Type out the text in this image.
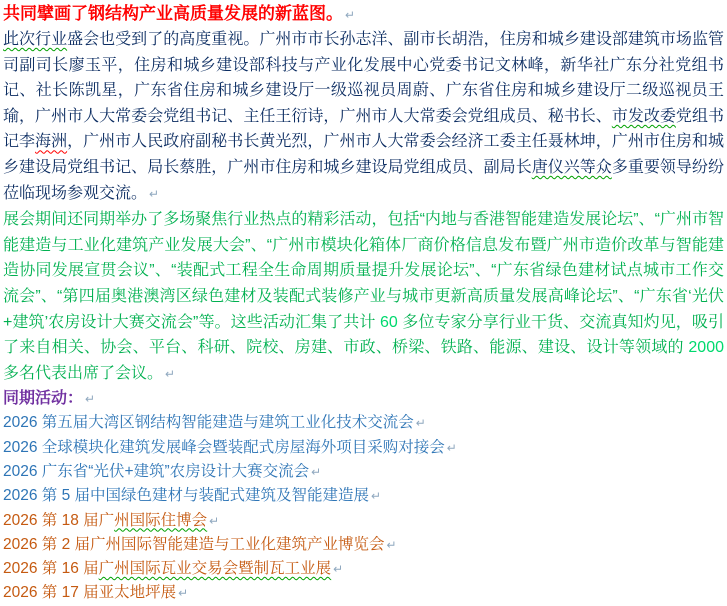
共同擘画了钢结构产业高质量发展的新蓝图。 ↵

此次行业盛会也受到了的高度重视。广州市市长孙志洋、副市长胡浩，住房和城乡建设部建筑市场监管司副司长廖玉平，住房和城乡建设部科技与产业化发展中心党委书记文林峰，新华社广东分社党组书记、社长陈凯星，广东省住房和城乡建设厅一级巡视员周蔚、广东省住房和城乡建设厅二级巡视员王瑜，广州市人大常委会党组书记、主任王衍诗，广州市人大常委会党组成员、秘书长、市发改委党组书记李海洲，广州市人民政府副秘书长黄光烈，广州市人大常委会经济工委主任聂林坤，广州市住房和城乡建设局党组书记、局长蔡胜，广州市住房和城乡建设局党组成员、副局长唐仪兴等众多重要领导纷纷莅临现场参观交流。 ↵

展会期间还同期举办了多场聚焦行业热点的精彩活动，包括“内地与香港智能建造发展论坛”、“广州市智能建造与工业化建筑产业发展大会”、“广州市模块化箱体厂商价格信息发布暨广州市造价改革与智能建造协同发展宣贯会议”、“装配式工程全生命周期质量提升发展论坛”、“广东省绿色建材试点城市工作交流会”、“第四届奥港澳湾区绿色建材及装配式装修产业与城市更新高质量发展高峰论坛”、“广东省‘光伏+建筑’农房设计大赛交流会”等。这些活动汇集了共计 60 多位专家分享行业干货、交流真知灼见，吸引了来自相关、协会、平台、科研、院校、房建、市政、桥梁、铁路、能源、建设、设计等领域的 2000 多名代表出席了会议。 ↵

同期活动： ↵
2026 第五届大湾区钢结构智能建造与建筑工业化技术交流会 ↵
2026 全球模块化建筑发展峰会暨装配式房屋海外项目采购对接会 ↵
2026 广东省“光伏+建筑”农房设计大赛交流会 ↵
2026 第 5 届中国绿色建材与装配式建筑及智能建造展 ↵
2026 第 18 届广州国际住博会 ↵
2026 第 2 届广州国际智能建造与工业化建筑产业博览会 ↵
2026 第 16 届广州国际瓦业交易会暨制瓦工业展 ↵
2026 第 17 届亚太地坪展 ↵
